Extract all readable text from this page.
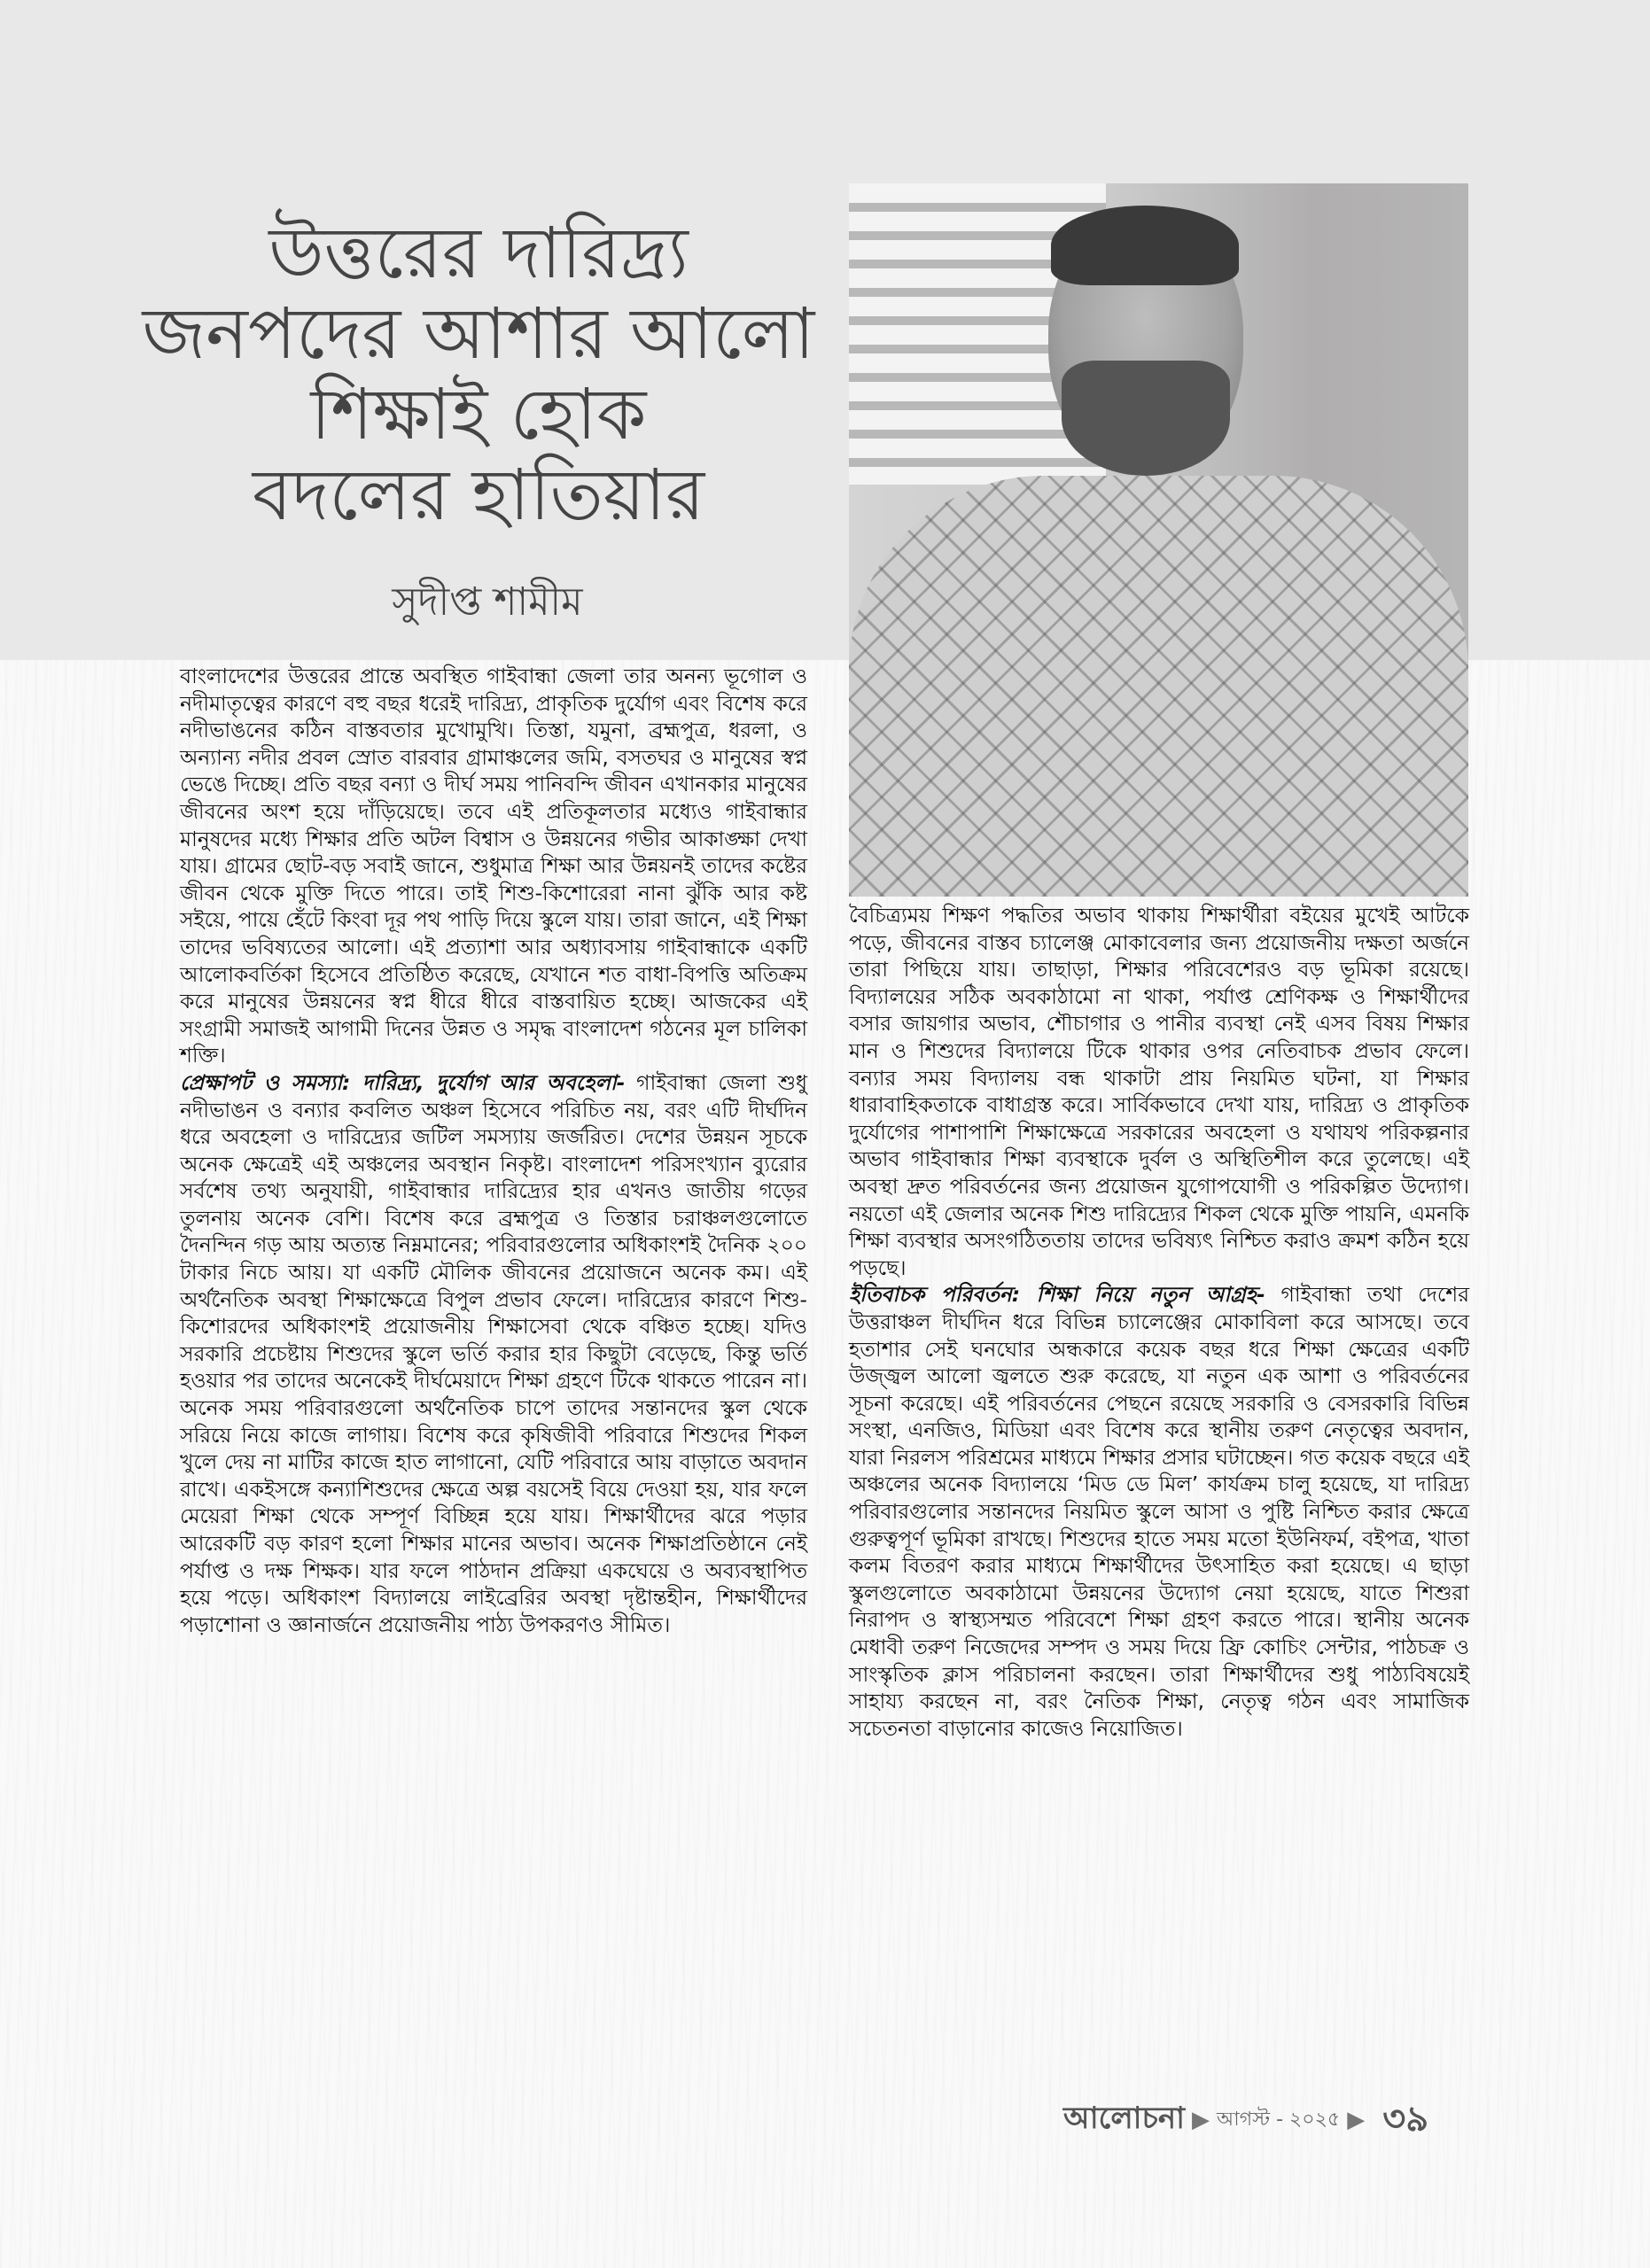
উত্তরের দারিদ্র্য
জনপদের আশার আলো
শিক্ষাই হোক
বদলের হাতিয়ার
সুদীপ্ত শামীম

বাংলাদেশের উত্তরের প্রান্তে অবস্থিত গাইবান্ধা জেলা তার অনন্য ভূগোল ও নদীমাতৃত্বের কারণে বহু বছর ধরেই দারিদ্র্য, প্রাকৃতিক দুর্যোগ এবং বিশেষ করে নদীভাঙনের কঠিন বাস্তবতার মুখোমুখি। তিস্তা, যমুনা, ব্রহ্মপুত্র, ধরলা, ও অন্যান্য নদীর প্রবল স্রোত বারবার গ্রামাঞ্চলের জমি, বসতঘর ও মানুষের স্বপ্ন ভেঙে দিচ্ছে। প্রতি বছর বন্যা ও দীর্ঘ সময় পানিবন্দি জীবন এখানকার মানুষের জীবনের অংশ হয়ে দাঁড়িয়েছে। তবে এই প্রতিকূলতার মধ্যেও গাইবান্ধার মানুষদের মধ্যে শিক্ষার প্রতি অটল বিশ্বাস ও উন্নয়নের গভীর আকাঙ্ক্ষা দেখা যায়। গ্রামের ছোট-বড় সবাই জানে, শুধুমাত্র শিক্ষা আর উন্নয়নই তাদের কষ্টের জীবন থেকে মুক্তি দিতে পারে। তাই শিশু-কিশোরেরা নানা ঝুঁকি আর কষ্ট সইয়ে, পায়ে হেঁটে কিংবা দূর পথ পাড়ি দিয়ে স্কুলে যায়। তারা জানে, এই শিক্ষা তাদের ভবিষ্যতের আলো। এই প্রত্যাশা আর অধ্যাবসায় গাইবান্ধাকে একটি আলোকবর্তিকা হিসেবে প্রতিষ্ঠিত করেছে, যেখানে শত বাধা-বিপত্তি অতিক্রম করে মানুষের উন্নয়নের স্বপ্ন ধীরে ধীরে বাস্তবায়িত হচ্ছে। আজকের এই সংগ্রামী সমাজই আগামী দিনের উন্নত ও সমৃদ্ধ বাংলাদেশ গঠনের মূল চালিকা শক্তি।

প্রেক্ষাপট ও সমস্যা: দারিদ্র্য, দুর্যোগ আর অবহেলা- গাইবান্ধা জেলা শুধু নদীভাঙন ও বন্যার কবলিত অঞ্চল হিসেবে পরিচিত নয়, বরং এটি দীর্ঘদিন ধরে অবহেলা ও দারিদ্র্যের জটিল সমস্যায় জর্জরিত। দেশের উন্নয়ন সূচকে অনেক ক্ষেত্রেই এই অঞ্চলের অবস্থান নিকৃষ্ট। বাংলাদেশ পরিসংখ্যান ব্যুরোর সর্বশেষ তথ্য অনুযায়ী, গাইবান্ধার দারিদ্র্যের হার এখনও জাতীয় গড়ের তুলনায় অনেক বেশি। বিশেষ করে ব্রহ্মপুত্র ও তিস্তার চরাঞ্চলগুলোতে দৈনন্দিন গড় আয় অত্যন্ত নিম্নমানের; পরিবারগুলোর অধিকাংশই দৈনিক ২০০ টাকার নিচে আয়। যা একটি মৌলিক জীবনের প্রয়োজনে অনেক কম। এই অর্থনৈতিক অবস্থা শিক্ষাক্ষেত্রে বিপুল প্রভাব ফেলে। দারিদ্র্যের কারণে শিশু-কিশোরদের অধিকাংশই প্রয়োজনীয় শিক্ষাসেবা থেকে বঞ্চিত হচ্ছে। যদিও সরকারি প্রচেষ্টায় শিশুদের স্কুলে ভর্তি করার হার কিছুটা বেড়েছে, কিন্তু ভর্তি হওয়ার পর তাদের অনেকেই দীর্ঘমেয়াদে শিক্ষা গ্রহণে টিকে থাকতে পারেন না। অনেক সময় পরিবারগুলো অর্থনৈতিক চাপে তাদের সন্তানদের স্কুল থেকে সরিয়ে নিয়ে কাজে লাগায়। বিশেষ করে কৃষিজীবী পরিবারে শিশুদের শিকল খুলে দেয় না মাটির কাজে হাত লাগানো, যেটি পরিবারে আয় বাড়াতে অবদান রাখে। একইসঙ্গে কন্যাশিশুদের ক্ষেত্রে অল্প বয়সেই বিয়ে দেওয়া হয়, যার ফলে মেয়েরা শিক্ষা থেকে সম্পূর্ণ বিচ্ছিন্ন হয়ে যায়। শিক্ষার্থীদের ঝরে পড়ার আরেকটি বড় কারণ হলো শিক্ষার মানের অভাব। অনেক শিক্ষাপ্রতিষ্ঠানে নেই পর্যাপ্ত ও দক্ষ শিক্ষক। যার ফলে পাঠদান প্রক্রিয়া একঘেয়ে ও অব্যবস্থাপিত হয়ে পড়ে। অধিকাংশ বিদ্যালয়ে লাইব্রেরির অবস্থা দৃষ্টান্তহীন, শিক্ষার্থীদের পড়াশোনা ও জ্ঞানার্জনে প্রয়োজনীয় পাঠ্য উপকরণও সীমিত।

বৈচিত্র্যময় শিক্ষণ পদ্ধতির অভাব থাকায় শিক্ষার্থীরা বইয়ের মুখেই আটকে পড়ে, জীবনের বাস্তব চ্যালেঞ্জ মোকাবেলার জন্য প্রয়োজনীয় দক্ষতা অর্জনে তারা পিছিয়ে যায়। তাছাড়া, শিক্ষার পরিবেশেরও বড় ভূমিকা রয়েছে। বিদ্যালয়ের সঠিক অবকাঠামো না থাকা, পর্যাপ্ত শ্রেণিকক্ষ ও শিক্ষার্থীদের বসার জায়গার অভাব, শৌচাগার ও পানীর ব্যবস্থা নেই এসব বিষয় শিক্ষার মান ও শিশুদের বিদ্যালয়ে টিকে থাকার ওপর নেতিবাচক প্রভাব ফেলে। বন্যার সময় বিদ্যালয় বন্ধ থাকাটা প্রায় নিয়মিত ঘটনা, যা শিক্ষার ধারাবাহিকতাকে বাধাগ্রস্ত করে। সার্বিকভাবে দেখা যায়, দারিদ্র্য ও প্রাকৃতিক দুর্যোগের পাশাপাশি শিক্ষাক্ষেত্রে সরকারের অবহেলা ও যথাযথ পরিকল্পনার অভাব গাইবান্ধার শিক্ষা ব্যবস্থাকে দুর্বল ও অস্থিতিশীল করে তুলেছে। এই অবস্থা দ্রুত পরিবর্তনের জন্য প্রয়োজন যুগোপযোগী ও পরিকল্পিত উদ্যোগ। নয়তো এই জেলার অনেক শিশু দারিদ্র্যের শিকল থেকে মুক্তি পায়নি, এমনকি শিক্ষা ব্যবস্থার অসংগঠিততায় তাদের ভবিষ্যৎ নিশ্চিত করাও ক্রমশ কঠিন হয়ে পড়ছে।

ইতিবাচক পরিবর্তন: শিক্ষা নিয়ে নতুন আগ্রহ- গাইবান্ধা তথা দেশের উত্তরাঞ্চল দীর্ঘদিন ধরে বিভিন্ন চ্যালেঞ্জের মোকাবিলা করে আসছে। তবে হতাশার সেই ঘনঘোর অন্ধকারে কয়েক বছর ধরে শিক্ষা ক্ষেত্রের একটি উজ্জ্বল আলো জ্বলতে শুরু করেছে, যা নতুন এক আশা ও পরিবর্তনের সূচনা করেছে। এই পরিবর্তনের পেছনে রয়েছে সরকারি ও বেসরকারি বিভিন্ন সংস্থা, এনজিও, মিডিয়া এবং বিশেষ করে স্থানীয় তরুণ নেতৃত্বের অবদান, যারা নিরলস পরিশ্রমের মাধ্যমে শিক্ষার প্রসার ঘটাচ্ছেন। গত কয়েক বছরে এই অঞ্চলের অনেক বিদ্যালয়ে ‘মিড ডে মিল’ কার্যক্রম চালু হয়েছে, যা দারিদ্র্য পরিবারগুলোর সন্তানদের নিয়মিত স্কুলে আসা ও পুষ্টি নিশ্চিত করার ক্ষেত্রে গুরুত্বপূর্ণ ভূমিকা রাখছে। শিশুদের হাতে সময় মতো ইউনিফর্ম, বইপত্র, খাতা কলম বিতরণ করার মাধ্যমে শিক্ষার্থীদের উৎসাহিত করা হয়েছে। এ ছাড়া স্কুলগুলোতে অবকাঠামো উন্নয়নের উদ্যোগ নেয়া হয়েছে, যাতে শিশুরা নিরাপদ ও স্বাস্থ্যসম্মত পরিবেশে শিক্ষা গ্রহণ করতে পারে। স্থানীয় অনেক মেধাবী তরুণ নিজেদের সম্পদ ও সময় দিয়ে ফ্রি কোচিং সেন্টার, পাঠচক্র ও সাংস্কৃতিক ক্লাস পরিচালনা করছেন। তারা শিক্ষার্থীদের শুধু পাঠ্যবিষয়েই সাহায্য করছেন না, বরং নৈতিক শিক্ষা, নেতৃত্ব গঠন এবং সামাজিক সচেতনতা বাড়ানোর কাজেও নিয়োজিত।

আলোচনা ▶ আগস্ট - ২০২৫ ▶ ৩৯
